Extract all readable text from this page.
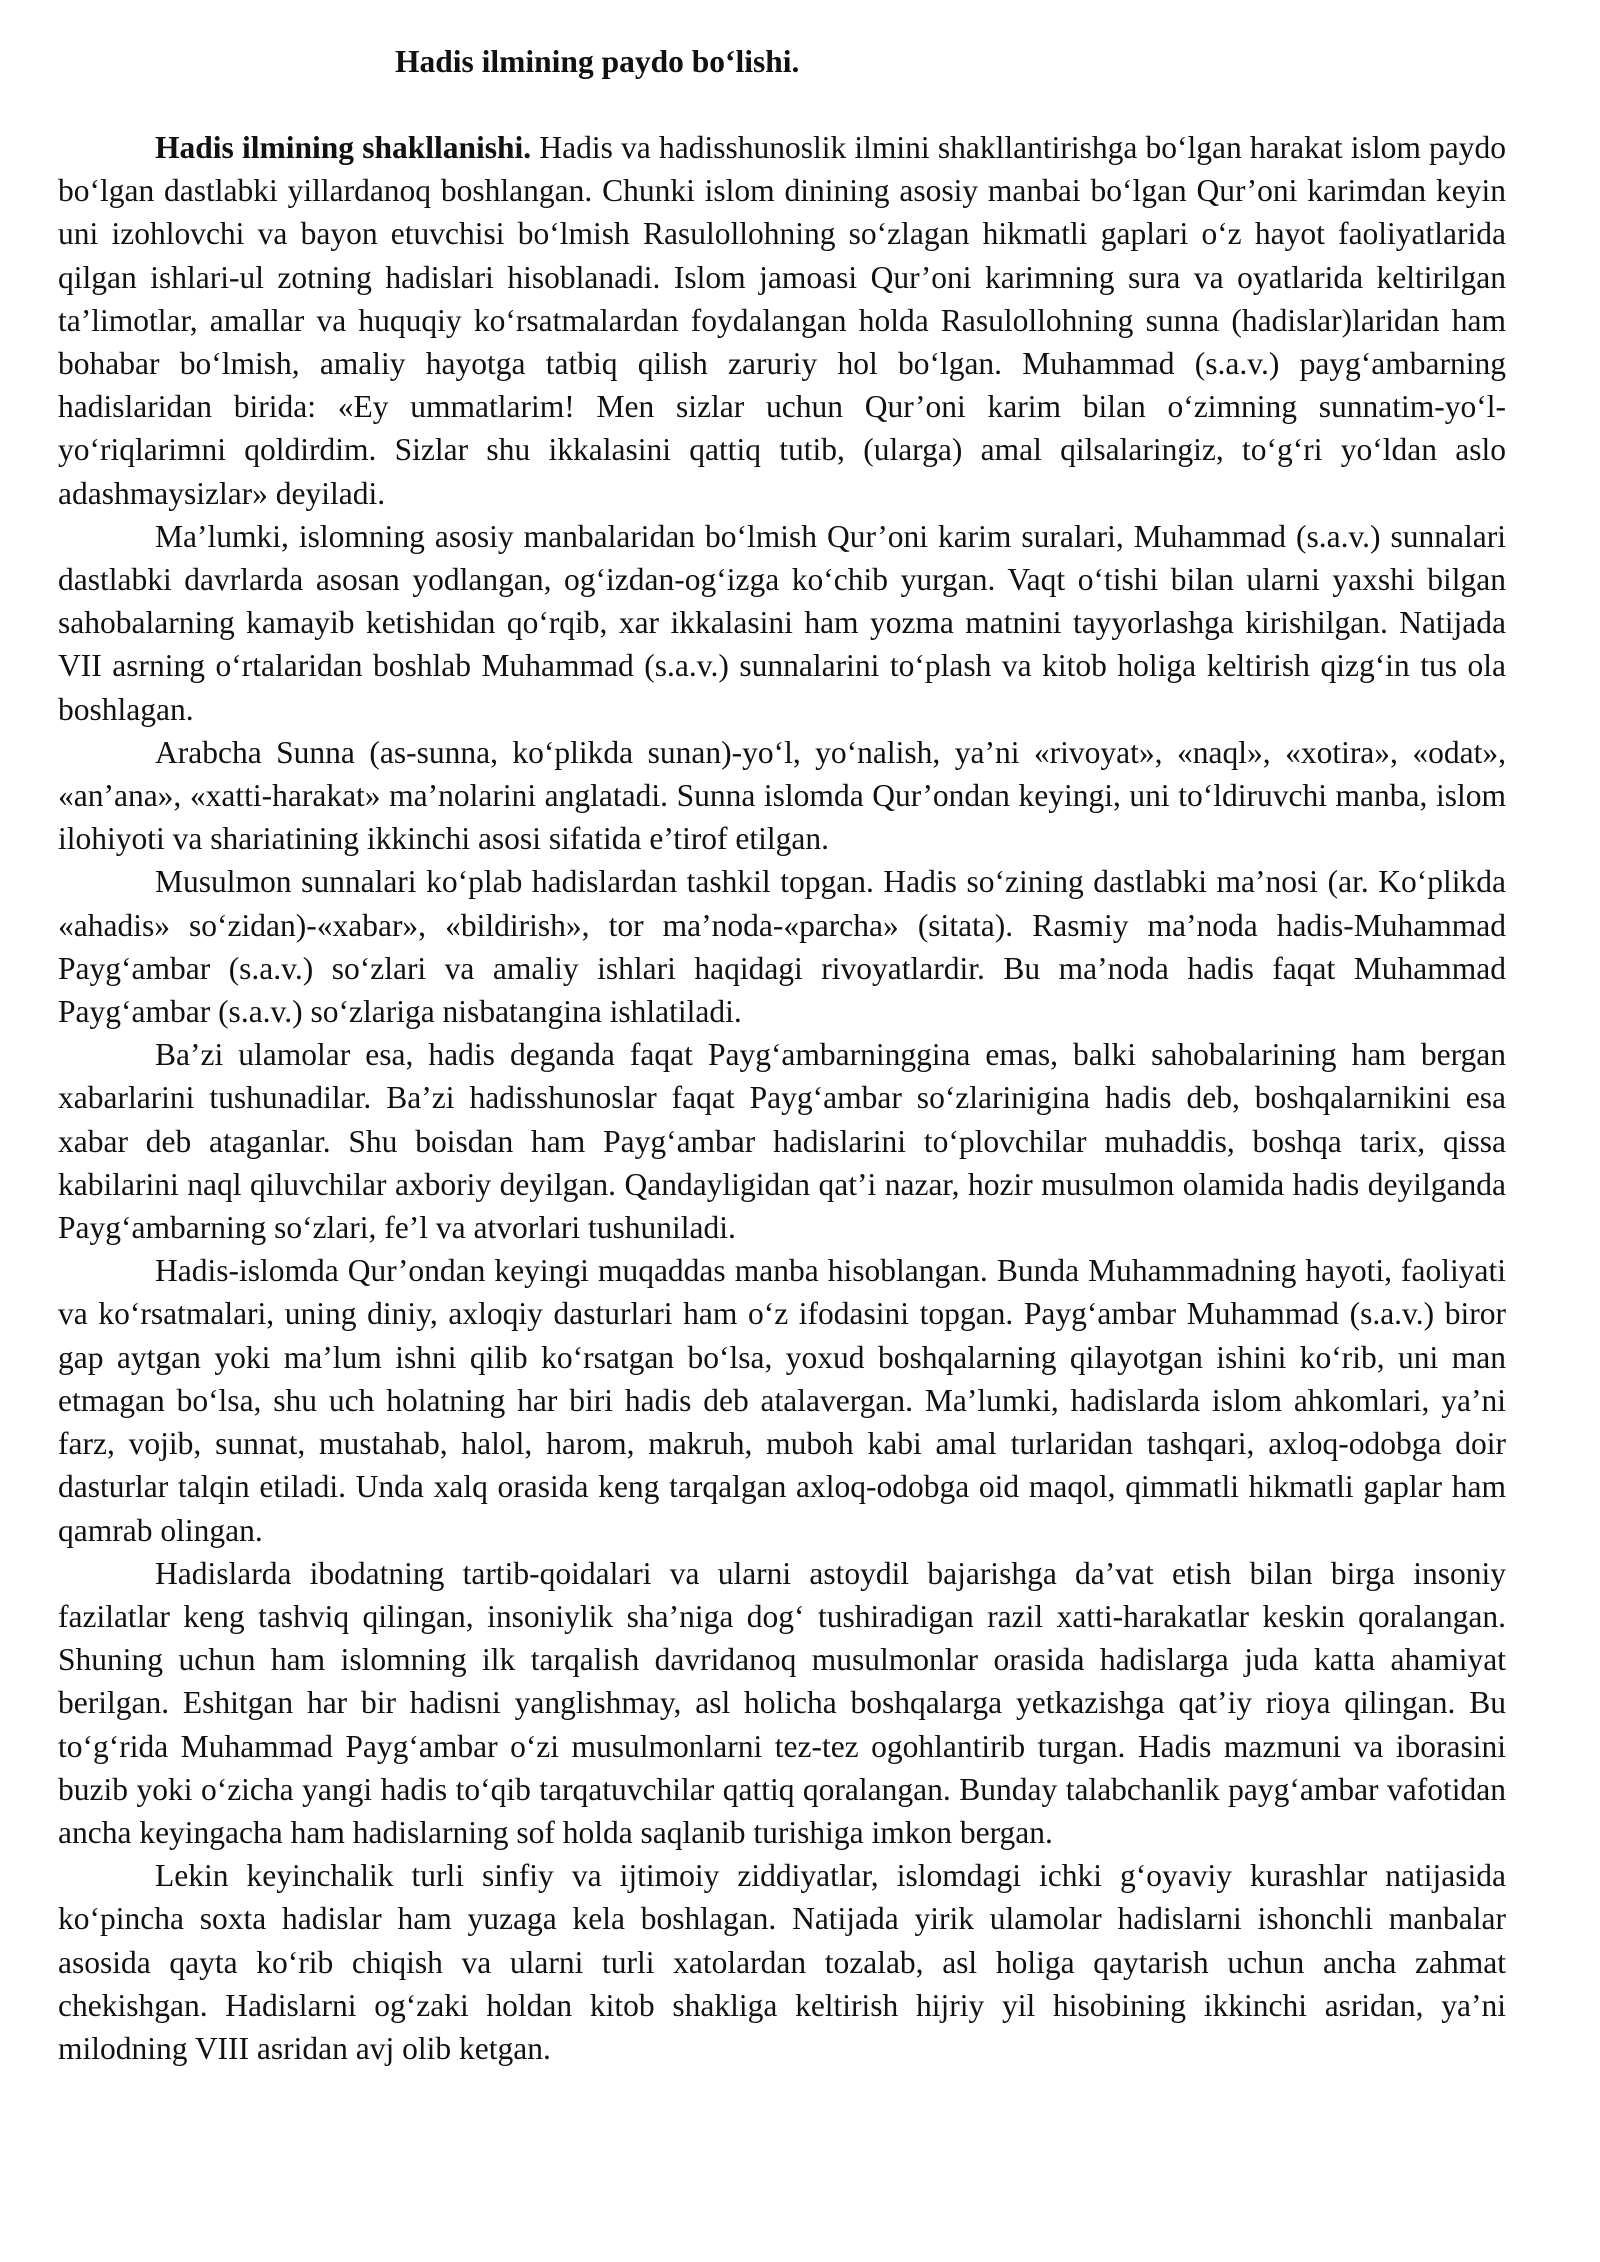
Hadis ilmining paydo bo‘lishi.

Hadis ilmining shakllanishi. Hadis va hadisshunoslik ilmini shakllantirishga bo‘lgan harakat islom paydo bo‘lgan dastlabki yillardanoq boshlangan. Chunki islom dinining asosiy manbai bo‘lgan Qur’oni karimdan keyin uni izohlovchi va bayon etuvchisi bo‘lmish Rasulollohning so‘zlagan hikmatli gaplari o‘z hayot faoliyatlarida qilgan ishlari-ul zotning hadislari hisoblanadi. Islom jamoasi Qur’oni karimning sura va oyatlarida keltirilgan ta’limotlar, amallar va huquqiy ko‘rsatmalardan foydalangan holda Rasulollohning sunna (hadislar)laridan ham bohabar bo‘lmish, amaliy hayotga tatbiq qilish zaruriy hol bo‘lgan. Muhammad (s.a.v.) payg‘ambarning hadislaridan birida: «Ey ummatlarim! Men sizlar uchun Qur’oni karim bilan o‘zimning sunnatim-yo‘l-yo‘riqlarimni qoldirdim. Sizlar shu ikkalasini qattiq tutib, (ularga) amal qilsalaringiz, to‘g‘ri yo‘ldan aslo adashmaysizlar» deyiladi.

Ma’lumki, islomning asosiy manbalaridan bo‘lmish Qur’oni karim suralari, Muhammad (s.a.v.) sunnalari dastlabki davrlarda asosan yodlangan, og‘izdan-og‘izga ko‘chib yurgan. Vaqt o‘tishi bilan ularni yaxshi bilgan sahobalarning kamayib ketishidan qo‘rqib, xar ikkalasini ham yozma matnini tayyorlashga kirishilgan. Natijada VII asrning o‘rtalaridan boshlab Muhammad (s.a.v.) sunnalarini to‘plash va kitob holiga keltirish qizg‘in tus ola boshlagan.

Arabcha Sunna (as-sunna, ko‘plikda sunan)-yo‘l, yo‘nalish, ya’ni «rivoyat», «naql», «xotira», «odat», «an’ana», «xatti-harakat» ma’nolarini anglatadi. Sunna islomda Qur’ondan keyingi, uni to‘ldiruvchi manba, islom ilohiyoti va shariatining ikkinchi asosi sifatida e’tirof etilgan.

Musulmon sunnalari ko‘plab hadislardan tashkil topgan. Hadis so‘zining dastlabki ma’nosi (ar. Ko‘plikda «ahadis» so‘zidan)-«xabar», «bildirish», tor ma’noda-«parcha» (sitata). Rasmiy ma’noda hadis-Muhammad Payg‘ambar (s.a.v.) so‘zlari va amaliy ishlari haqidagi rivoyatlardir. Bu ma’noda hadis faqat Muhammad Payg‘ambar (s.a.v.) so‘zlariga nisbatangina ishlatiladi.

Ba’zi ulamolar esa, hadis deganda faqat Payg‘ambarninggina emas, balki sahobalarining ham bergan xabarlarini tushunadilar. Ba’zi hadisshunoslar faqat Payg‘ambar so‘zlarinigina hadis deb, boshqalarnikini esa xabar deb ataganlar. Shu boisdan ham Payg‘ambar hadislarini to‘plovchilar muhaddis, boshqa tarix, qissa kabilarini naql qiluvchilar axboriy deyilgan. Qandayligidan qat’i nazar, hozir musulmon olamida hadis deyilganda Payg‘ambarning so‘zlari, fe’l va atvorlari tushuniladi.

Hadis-islomda Qur’ondan keyingi muqaddas manba hisoblangan. Bunda Muhammadning hayoti, faoliyati va ko‘rsatmalari, uning diniy, axloqiy dasturlari ham o‘z ifodasini topgan. Payg‘ambar Muhammad (s.a.v.) biror gap aytgan yoki ma’lum ishni qilib ko‘rsatgan bo‘lsa, yoxud boshqalarning qilayotgan ishini ko‘rib, uni man etmagan bo‘lsa, shu uch holatning har biri hadis deb atalavergan. Ma’lumki, hadislarda islom ahkomlari, ya’ni farz, vojib, sunnat, mustahab, halol, harom, makruh, muboh kabi amal turlaridan tashqari, axloq-odobga doir dasturlar talqin etiladi. Unda xalq orasida keng tarqalgan axloq-odobga oid maqol, qimmatli hikmatli gaplar ham qamrab olingan.

Hadislarda ibodatning tartib-qoidalari va ularni astoydil bajarishga da’vat etish bilan birga insoniy fazilatlar keng tashviq qilingan, insoniylik sha’niga dog‘ tushiradigan razil xatti-harakatlar keskin qoralangan. Shuning uchun ham islomning ilk tarqalish davridanoq musulmonlar orasida hadislarga juda katta ahamiyat berilgan. Eshitgan har bir hadisni yanglishmay, asl holicha boshqalarga yetkazishga qat’iy rioya qilingan. Bu to‘g‘rida Muhammad Payg‘ambar o‘zi musulmonlarni tez-tez ogohlantirib turgan. Hadis mazmuni va iborasini buzib yoki o‘zicha yangi hadis to‘qib tarqatuvchilar qattiq qoralangan. Bunday talabchanlik payg‘ambar vafotidan ancha keyingacha ham hadislarning sof holda saqlanib turishiga imkon bergan.

Lekin keyinchalik turli sinfiy va ijtimoiy ziddiyatlar, islomdagi ichki g‘oyaviy kurashlar natijasida ko‘pincha soxta hadislar ham yuzaga kela boshlagan. Natijada yirik ulamolar hadislarni ishonchli manbalar asosida qayta ko‘rib chiqish va ularni turli xatolardan tozalab, asl holiga qaytarish uchun ancha zahmat chekishgan. Hadislarni og‘zaki holdan kitob shakliga keltirish hijriy yil hisobining ikkinchi asridan, ya’ni milodning VIII asridan avj olib ketgan.
